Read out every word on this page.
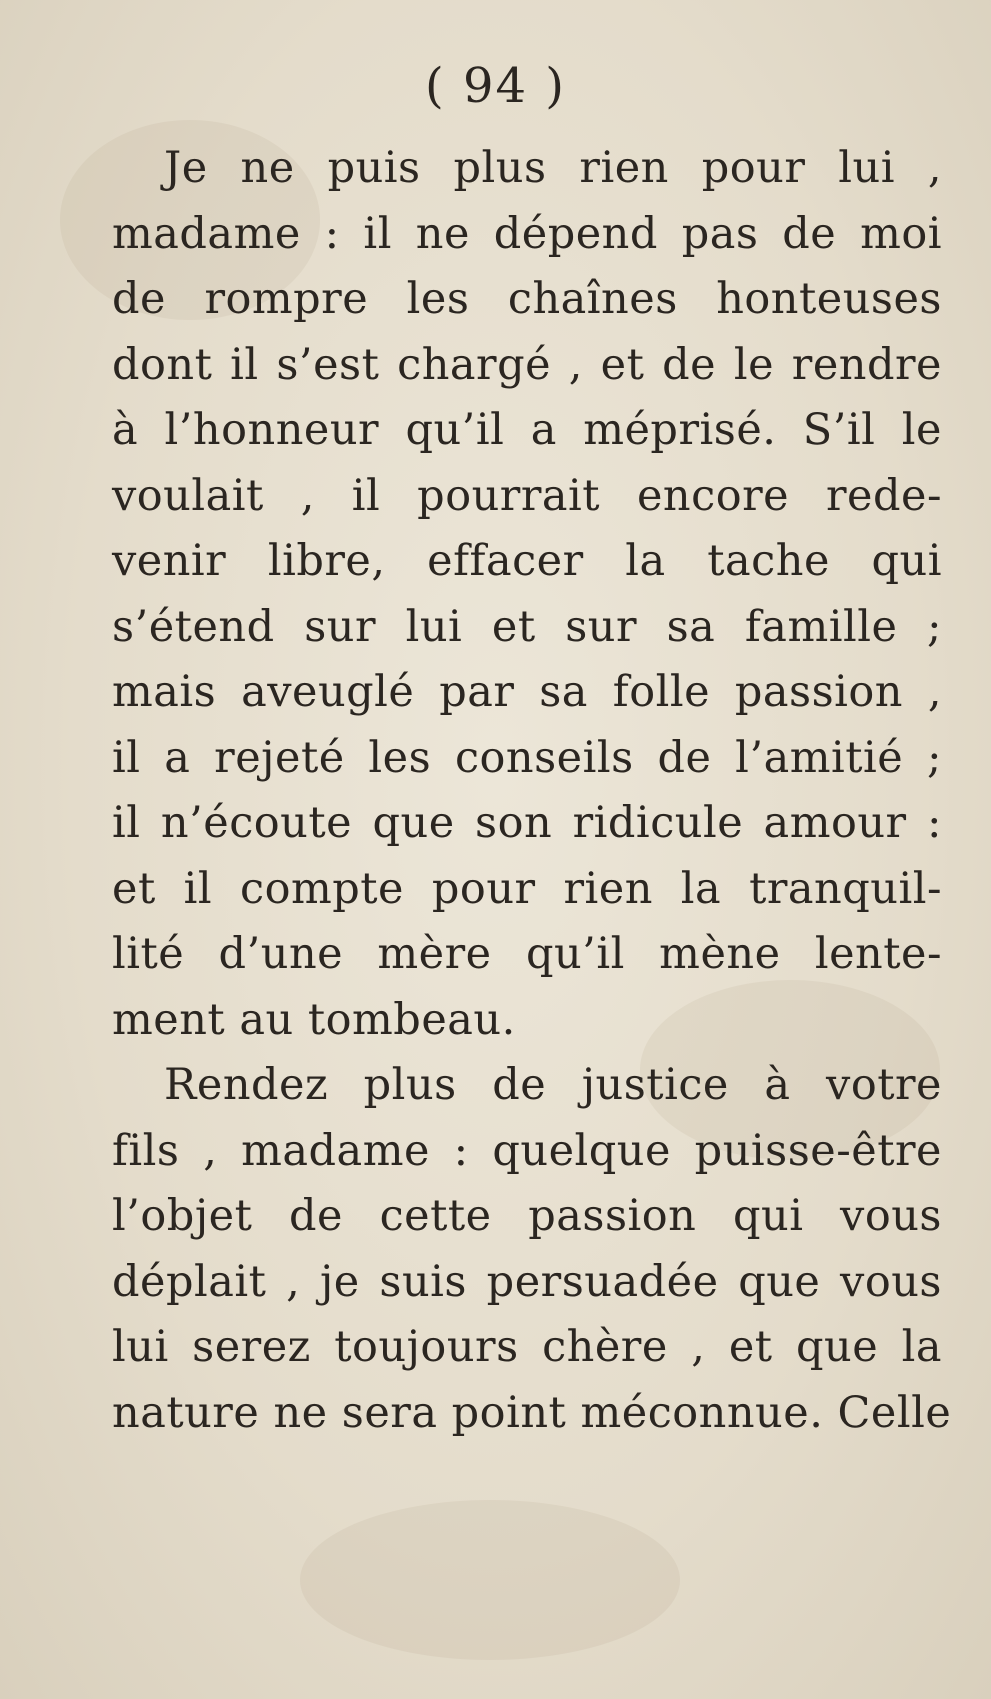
( 94 )
Je ne puis plus rien pour lui ,
madame : il ne dépend pas de moi
de rompre les chaînes honteuses
dont il s’est chargé , et de le rendre
à l’honneur qu’il a méprisé. S’il le
voulait , il pourrait encore rede-
venir libre, effacer la tache qui
s’étend sur lui et sur sa famille ;
mais aveuglé par sa folle passion ,
il a rejeté les conseils de l’amitié ;
il n’écoute que son ridicule amour :
et il compte pour rien la tranquil-
lité d’une mère qu’il mène lente-
ment au tombeau.
Rendez plus de justice à votre
fils , madame : quelque puisse-être
l’objet de cette passion qui vous
déplait , je suis persuadée que vous
lui serez toujours chère , et que la
nature ne sera point méconnue. Celle
